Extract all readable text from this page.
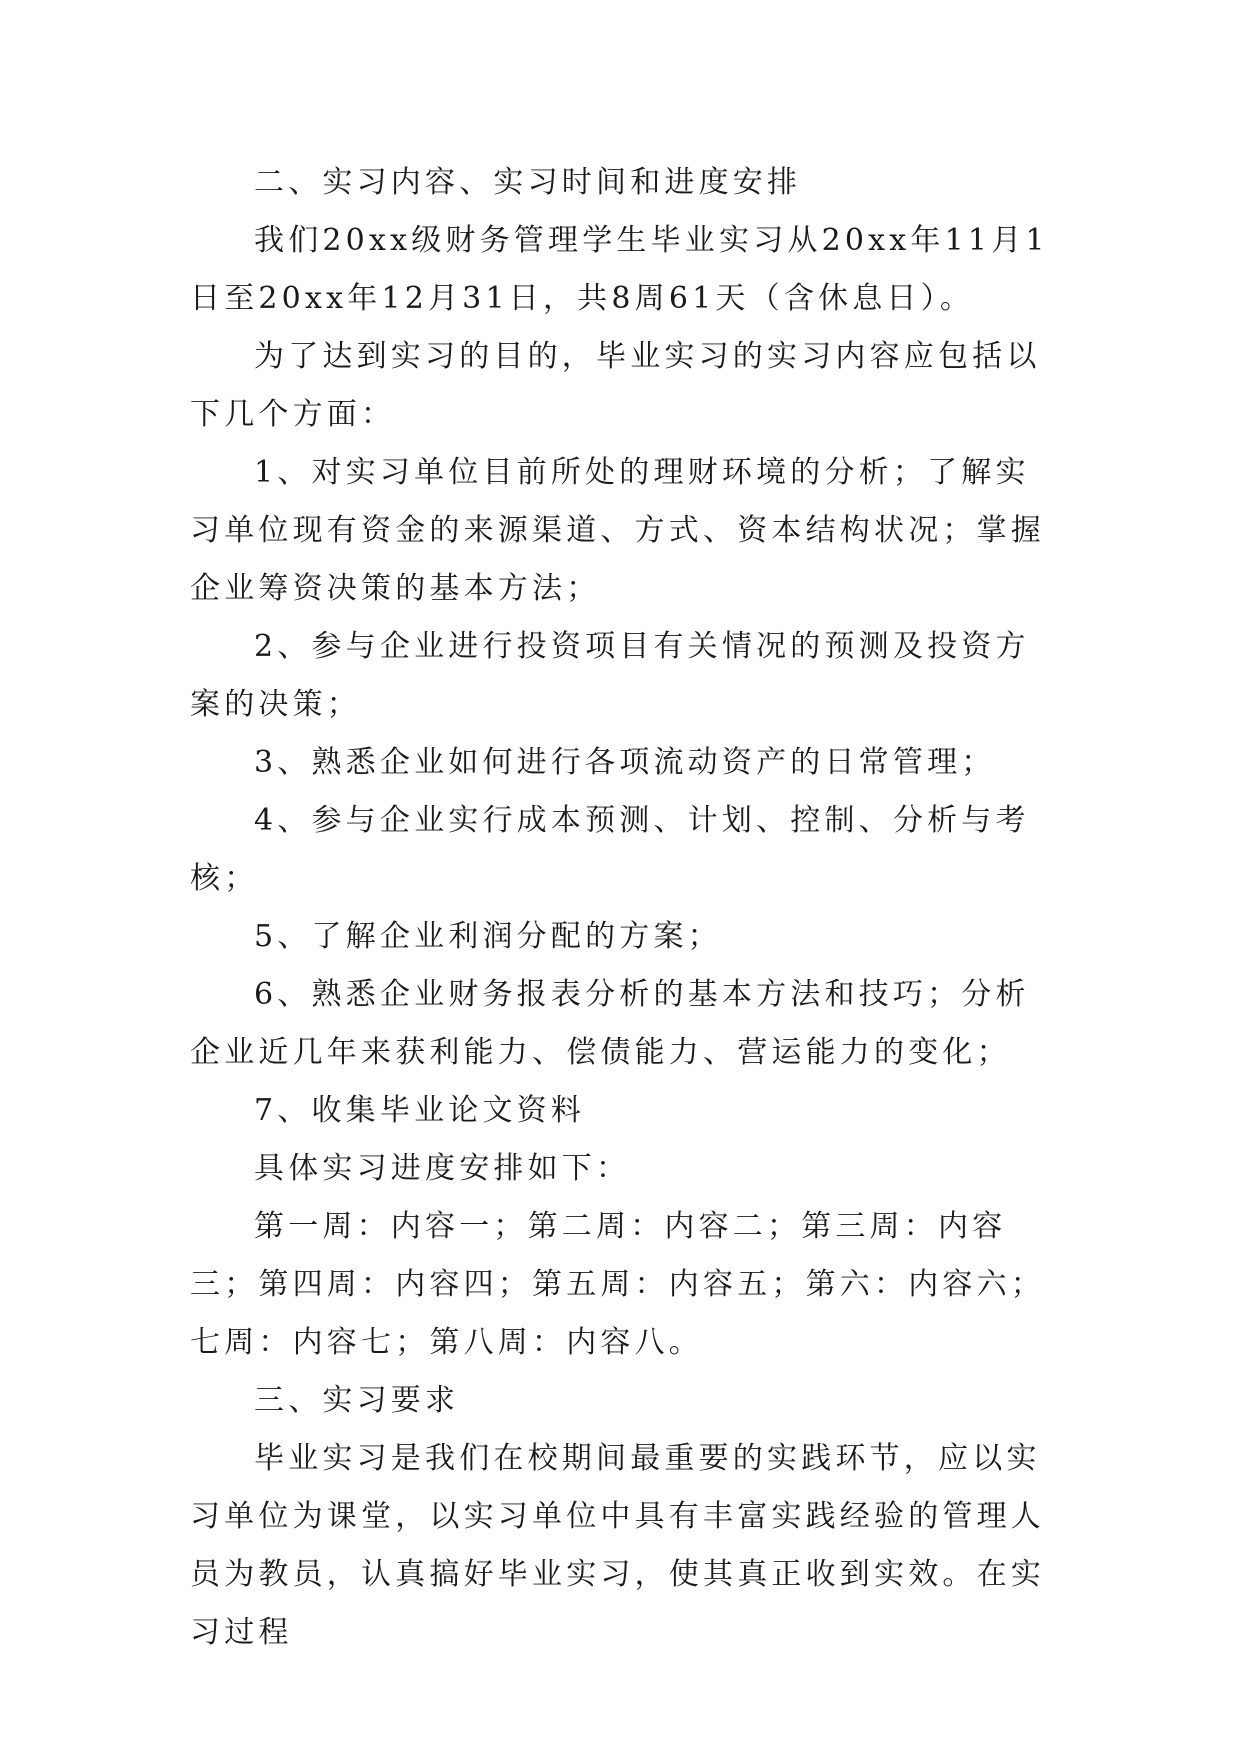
二、实习内容、实习时间和进度安排

我们20xx级财务管理学生毕业实习从20xx年11月1日至20xx年12月31日，共8周61天（含休息日）。

为了达到实习的目的，毕业实习的实习内容应包括以下几个方面：

1、对实习单位目前所处的理财环境的分析；了解实习单位现有资金的来源渠道、方式、资本结构状况；掌握企业筹资决策的基本方法；

2、参与企业进行投资项目有关情况的预测及投资方案的决策；

3、熟悉企业如何进行各项流动资产的日常管理；

4、参与企业实行成本预测、计划、控制、分析与考核；

5、了解企业利润分配的方案；

6、熟悉企业财务报表分析的基本方法和技巧；分析企业近几年来获利能力、偿债能力、营运能力的变化；

7、收集毕业论文资料

具体实习进度安排如下：

第一周：内容一；第二周：内容二；第三周：内容三；第四周：内容四；第五周：内容五；第六：内容六；七周：内容七；第八周：内容八。

三、实习要求

毕业实习是我们在校期间最重要的实践环节，应以实习单位为课堂，以实习单位中具有丰富实践经验的管理人员为教员，认真搞好毕业实习，使其真正收到实效。在实习过程
